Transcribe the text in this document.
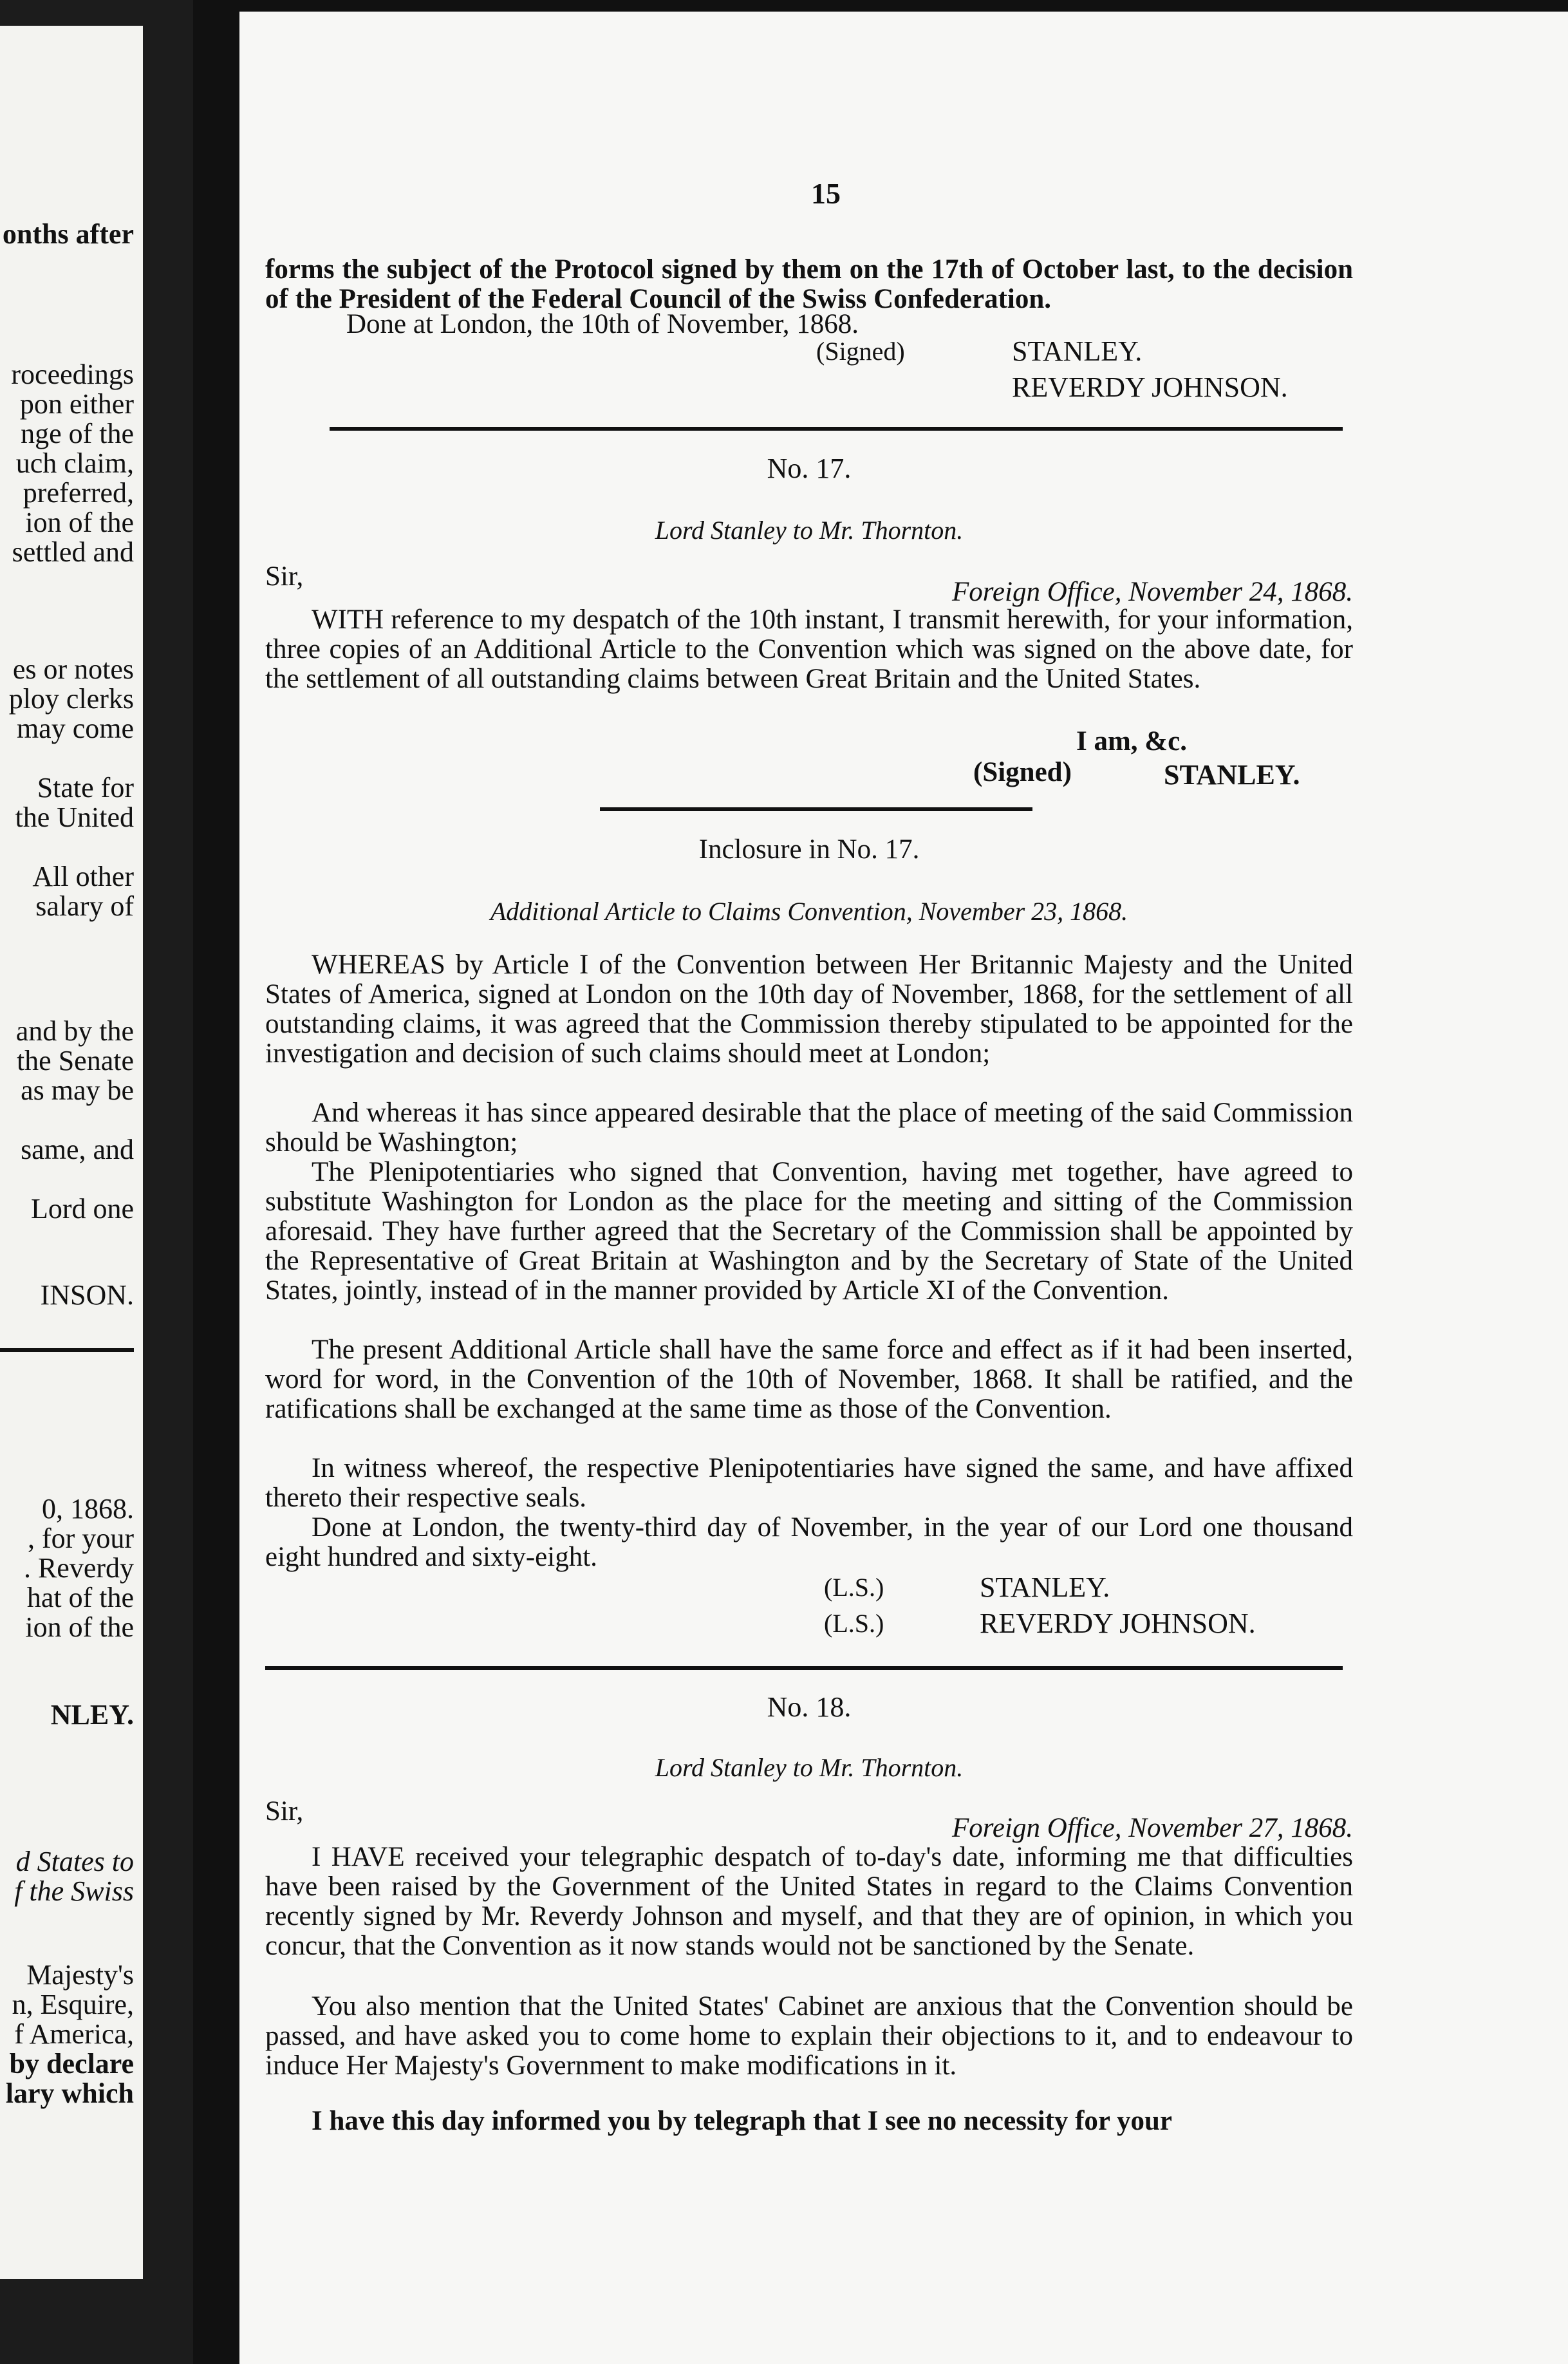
onths after
roceedings
pon either
nge of the
uch claim,
preferred,
ion of the
settled and
es or notes
ploy clerks
may come
State for
the United
All other
salary of
and by the
the Senate
as may be
same, and
Lord one
INSON.
0, 1868.
, for your
. Reverdy
hat of the
ion of the
NLEY.
d States to
f the Swiss
Majesty's
n, Esquire,
f America,
by declare
lary which
15
forms the subject of the Protocol signed by them on the 17th of October last, to the decision of the President of the Federal Council of the Swiss Confederation.
Done at London, the 10th of November, 1868.
(Signed)	STANLEY.
REVERDY JOHNSON.
No. 17.
Lord Stanley to Mr. Thornton.
Sir,
Foreign Office, November 24, 1868.
WITH reference to my despatch of the 10th instant, I transmit herewith, for your information, three copies of an Additional Article to the Convention which was signed on the above date, for the settlement of all outstanding claims between Great Britain and the United States.
I am, &c.
(Signed)	STANLEY.
Inclosure in No. 17.
Additional Article to Claims Convention, November 23, 1868.
WHEREAS by Article I of the Convention between Her Britannic Majesty and the United States of America, signed at London on the 10th day of November, 1868, for the settlement of all outstanding claims, it was agreed that the Commission thereby stipulated to be appointed for the investigation and decision of such claims should meet at London;
And whereas it has since appeared desirable that the place of meeting of the said Commission should be Washington;
The Plenipotentiaries who signed that Convention, having met together, have agreed to substitute Washington for London as the place for the meeting and sitting of the Commission aforesaid. They have further agreed that the Secretary of the Commission shall be appointed by the Representative of Great Britain at Washington and by the Secretary of State of the United States, jointly, instead of in the manner provided by Article XI of the Convention.
The present Additional Article shall have the same force and effect as if it had been inserted, word for word, in the Convention of the 10th of November, 1868. It shall be ratified, and the ratifications shall be exchanged at the same time as those of the Convention.
In witness whereof, the respective Plenipotentiaries have signed the same, and have affixed thereto their respective seals.
Done at London, the twenty-third day of November, in the year of our Lord one thousand eight hundred and sixty-eight.
(L.S.)
(L.S.)
STANLEY.
REVERDY JOHNSON.
No. 18.
Lord Stanley to Mr. Thornton.
Sir,
Foreign Office, November 27, 1868.
I HAVE received your telegraphic despatch of to-day's date, informing me that difficulties have been raised by the Government of the United States in regard to the Claims Convention recently signed by Mr. Reverdy Johnson and myself, and that they are of opinion, in which you concur, that the Convention as it now stands would not be sanctioned by the Senate.
You also mention that the United States' Cabinet are anxious that the Convention should be passed, and have asked you to come home to explain their objections to it, and to endeavour to induce Her Majesty's Government to make modifications in it.
I have this day informed you by telegraph that I see no necessity for your
